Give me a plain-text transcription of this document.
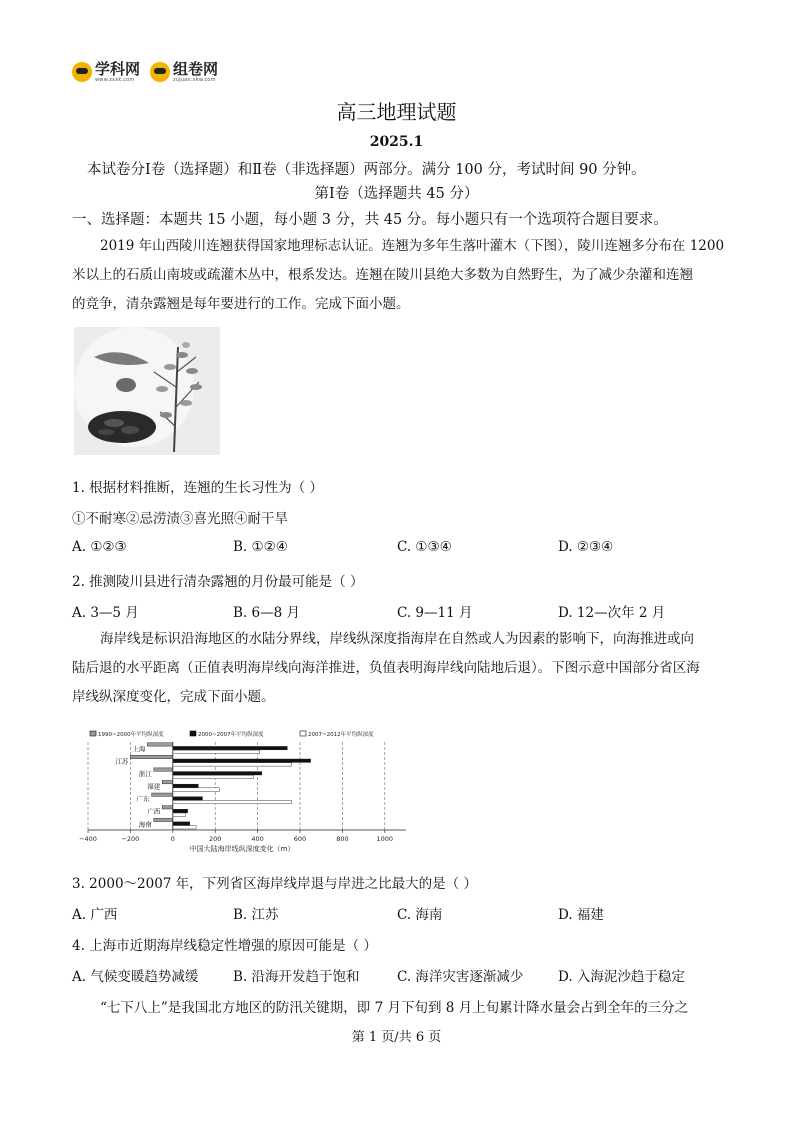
学科网
www.zxxk.com
组卷网
zujuan.xkw.com
高三地理试题
2025.1
本试卷分Ⅰ卷（选择题）和Ⅱ卷（非选择题）两部分。满分 100 分，考试时间 90 分钟。
第Ⅰ卷（选择题共 45 分）
一、选择题：本题共 15 小题，每小题 3 分，共 45 分。每小题只有一个选项符合题目要求。
2019 年山西陵川连翘获得国家地理标志认证。连翘为多年生落叶灌木（下图），陵川连翘多分布在 1200
米以上的石质山南坡或疏灌木丛中，根系发达。连翘在陵川县绝大多数为自然野生，为了减少杂灌和连翘
的竞争，清杂露翘是每年要进行的工作。完成下面小题。
1. 根据材料推断，连翘的生长习性为（ ）
①不耐寒②忌涝渍③喜光照④耐干旱
A. ①②③	B. ①②④	C. ①③④	D. ②③④
2. 推测陵川县进行清杂露翘的月份最可能是（ ）
A. 3—5 月	B. 6—8 月	C. 9—11 月	D. 12—次年 2 月
海岸线是标识沿海地区的水陆分界线，岸线纵深度指海岸在自然或人为因素的影响下，向海推进或向
陆后退的水平距离（正值表明海岸线向海洋推进，负值表明海岸线向陆地后退）。下图示意中国部分省区海
岸线纵深度变化，完成下面小题。
1990~2000年平均纵深度	2000~2007年平均纵深度	2007~2012年平均纵深度
−400	−200	0	200	400	600	800	1000
上海
江苏
浙江
福建
广东
广西
海南
中国大陆海岸线纵深度变化（m）
3. 2000～2007 年，下列省区海岸线岸退与岸进之比最大的是（ ）
A. 广西	B. 江苏	C. 海南	D. 福建
4. 上海市近期海岸线稳定性增强的原因可能是（ ）
A. 气候变暖趋势减缓	B. 沿海开发趋于饱和	C. 海洋灾害逐渐减少	D. 入海泥沙趋于稳定
“七下八上”是我国北方地区的防汛关键期，即 7 月下旬到 8 月上旬累计降水量会占到全年的三分之
第 1 页/共 6 页
